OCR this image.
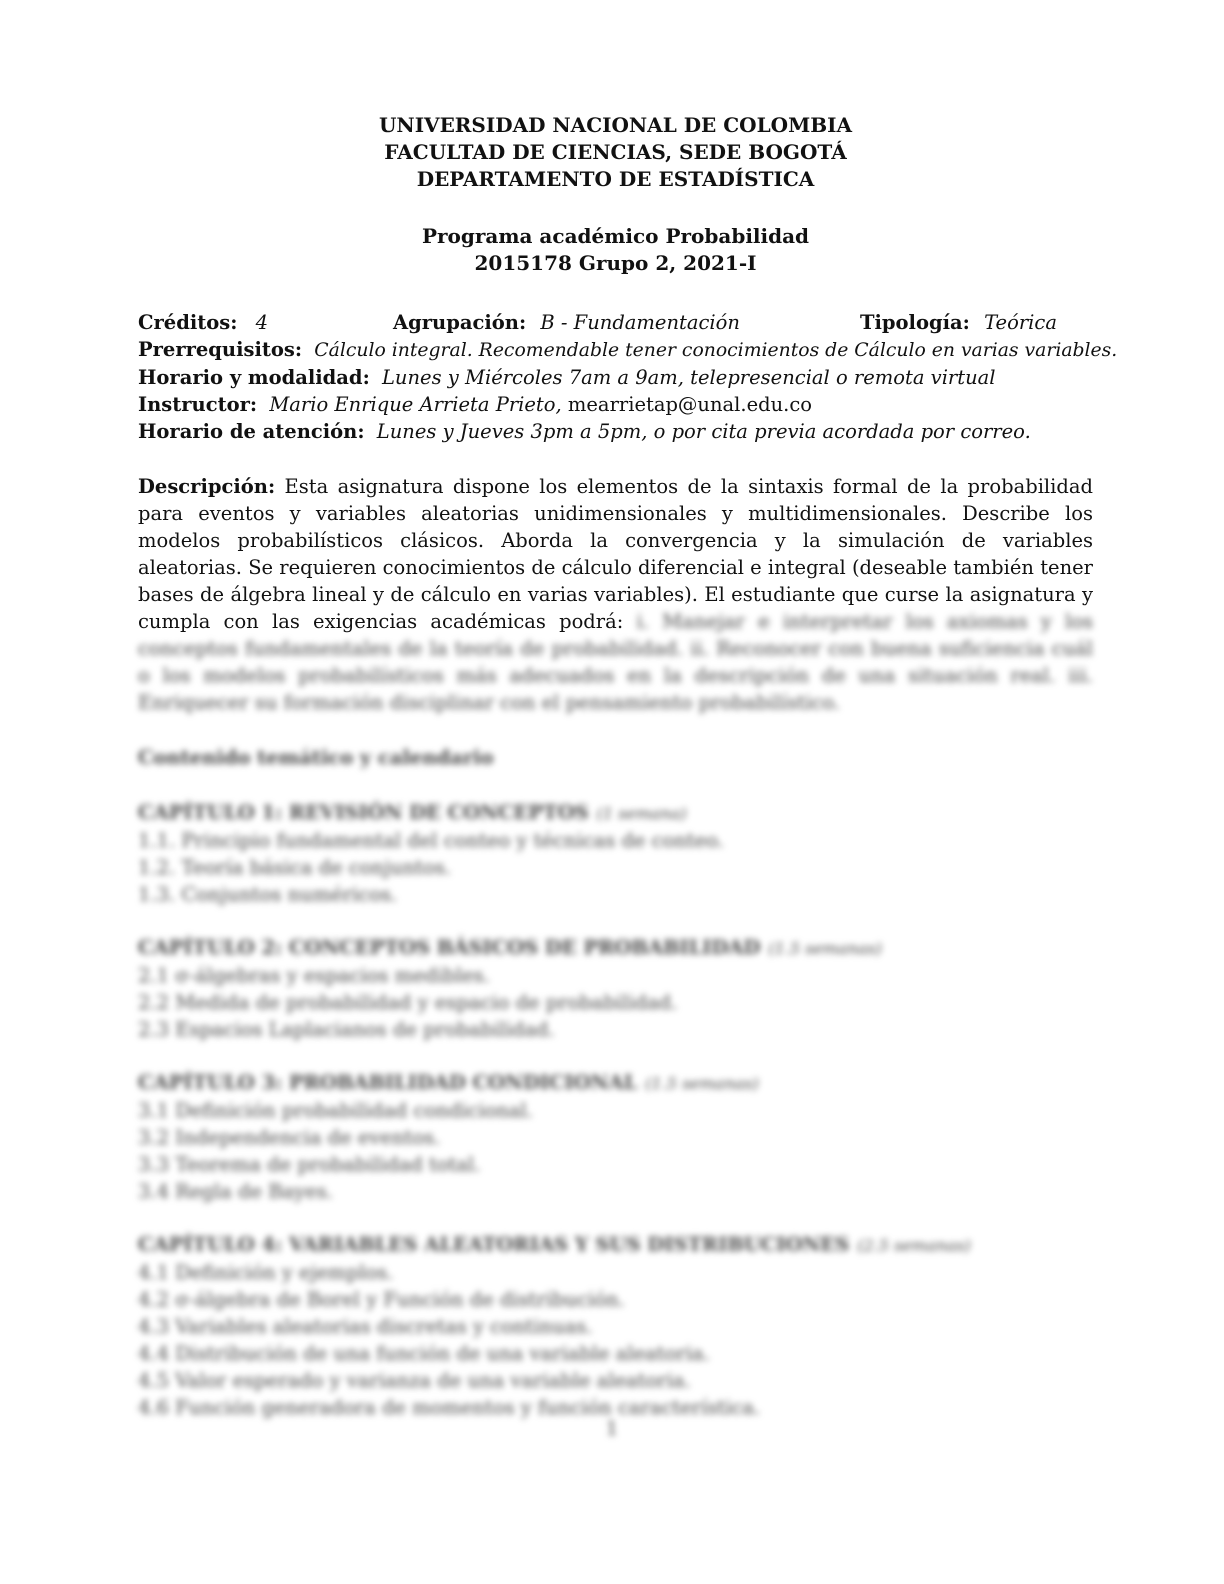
UNIVERSIDAD NACIONAL DE COLOMBIA
FACULTAD DE CIENCIAS, SEDE BOGOTÁ
DEPARTAMENTO DE ESTADÍSTICA
Programa académico Probabilidad
2015178 Grupo 2, 2021-I
Créditos: 4	Agrupación: B - Fundamentación	Tipología: Teórica
Prerrequisitos: Cálculo integral. Recomendable tener conocimientos de Cálculo en varias variables.
Horario y modalidad: Lunes y Miércoles 7am a 9am, telepresencial o remota virtual
Instructor: Mario Enrique Arrieta Prieto, mearrietap@unal.edu.co
Horario de atención: Lunes y Jueves 3pm a 5pm, o por cita previa acordada por correo.
Descripción: Esta asignatura dispone los elementos de la sintaxis formal de la probabilidad para eventos y variables aleatorias unidimensionales y multidimensionales. Describe los modelos probabilísticos clásicos. Aborda la convergencia y la simulación de variables aleatorias. Se requieren conocimientos de cálculo diferencial e integral (deseable también tener bases de álgebra lineal y de cálculo en varias variables). El estudiante que curse la asignatura y cumpla con las exigencias académicas podrá: i. Manejar e interpretar los axiomas y los conceptos fundamentales de la teoría de probabilidad. ii. Reconocer con buena suficiencia cuál o los modelos probabilísticos más adecuados en la descripción de una situación real. iii. Enriquecer su formación disciplinar con el pensamiento probabilístico.
Contenido temático y calendario
CAPÍTULO 1: REVISIÓN DE CONCEPTOS (1 semana)
1.1. Principio fundamental del conteo y técnicas de conteo.
1.2. Teoría básica de conjuntos.
1.3. Conjuntos numéricos.
CAPÍTULO 2: CONCEPTOS BÁSICOS DE PROBABILIDAD (1.5 semanas)
2.1 σ-álgebras y espacios medibles.
2.2 Medida de probabilidad y espacio de probabilidad.
2.3 Espacios Laplacianos de probabilidad.
CAPÍTULO 3: PROBABILIDAD CONDICIONAL (1.5 semanas)
3.1 Definición probabilidad condicional.
3.2 Independencia de eventos.
3.3 Teorema de probabilidad total.
3.4 Regla de Bayes.
CAPÍTULO 4: VARIABLES ALEATORIAS Y SUS DISTRIBUCIONES (2.5 semanas)
4.1 Definición y ejemplos.
4.2 σ-álgebra de Borel y Función de distribución.
4.3 Variables aleatorias discretas y continuas.
4.4 Distribución de una función de una variable aleatoria.
4.5 Valor esperado y varianza de una variable aleatoria.
4.6 Función generadora de momentos y función característica.
1
